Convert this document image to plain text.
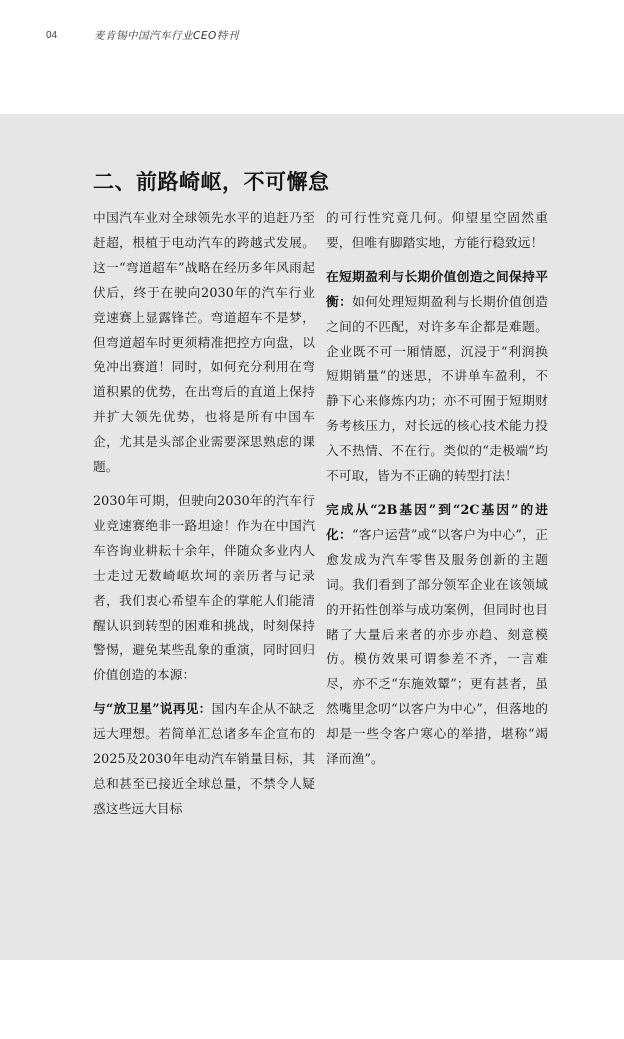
04	麦肯锡中国汽车行业CEO特刊
二、前路崎岖，不可懈怠

中国汽车业对全球领先水平的追赶乃至赶超，根植于电动汽车的跨越式发展。这一“弯道超车”战略在经历多年风雨起伏后，终于在驶向2030年的汽车行业竞速赛上显露锋芒。弯道超车不是梦，但弯道超车时更须精准把控方向盘，以免冲出赛道！同时，如何充分利用在弯道积累的优势，在出弯后的直道上保持并扩大领先优势，也将是所有中国车企，尤其是头部企业需要深思熟虑的课题。

2030年可期，但驶向2030年的汽车行业竞速赛绝非一路坦途！作为在中国汽车咨询业耕耘十余年，伴随众多业内人士走过无数崎岖坎坷的亲历者与记录者，我们衷心希望车企的掌舵人们能清醒认识到转型的困难和挑战，时刻保持警惕，避免某些乱象的重演，同时回归价值创造的本源：

与“放卫星”说再见：国内车企从不缺乏远大理想。若简单汇总诸多车企宣布的2025及2030年电动汽车销量目标，其总和甚至已接近全球总量，不禁令人疑惑这些远大目标

的可行性究竟几何。仰望星空固然重要，但唯有脚踏实地，方能行稳致远！

在短期盈利与长期价值创造之间保持平衡：如何处理短期盈利与长期价值创造之间的不匹配，对许多车企都是难题。企业既不可一厢情愿，沉浸于“利润换短期销量”的迷思，不讲单车盈利，不静下心来修炼内功；亦不可囿于短期财务考核压力，对长远的核心技术能力投入不热情、不在行。类似的“走极端”均不可取，皆为不正确的转型打法！

完成从“2B基因”到“2C基因”的进化：“客户运营”或“以客户为中心”，正愈发成为汽车零售及服务创新的主题词。我们看到了部分领军企业在该领域的开拓性创举与成功案例，但同时也目睹了大量后来者的亦步亦趋、刻意模仿。模仿效果可谓参差不齐，一言难尽，亦不乏“东施效颦”；更有甚者，虽然嘴里念叨“以客户为中心”，但落地的却是一些令客户寒心的举措，堪称“竭泽而渔”。
